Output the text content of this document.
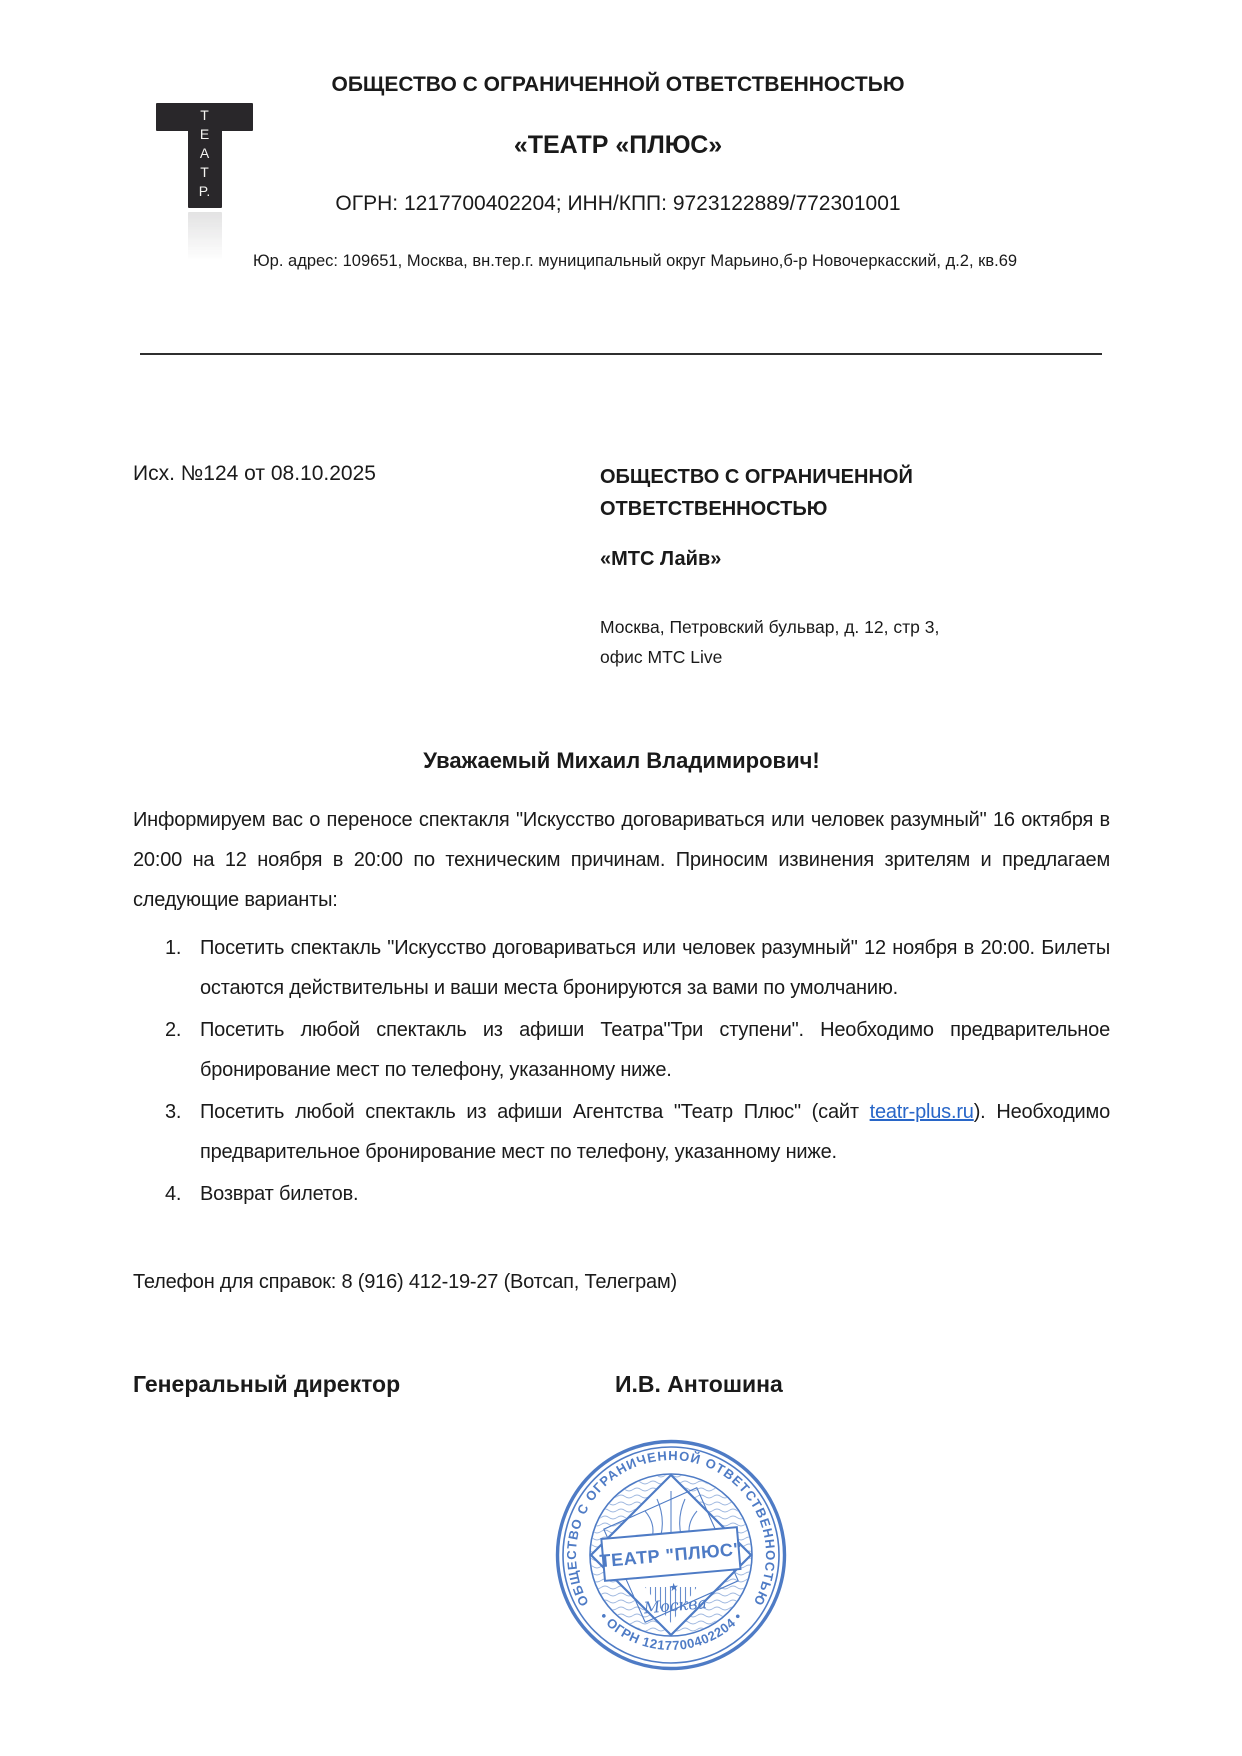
Т
Е
А
Т
Р.
ОБЩЕСТВО С ОГРАНИЧЕННОЙ ОТВЕТСТВЕННОСТЬЮ
«ТЕАТР «ПЛЮС»
ОГРН: 1217700402204; ИНН/КПП: 9723122889/772301001
Юр. адрес: 109651, Москва, вн.тер.г. муниципальный округ Марьино,б-р Новочеркасский, д.2, кв.69
Исх. №124 от 08.10.2025	ОБЩЕСТВО С ОГРАНИЧЕННОЙ
ОТВЕТСТВЕННОСТЬЮ
«МТС Лайв»
Москва, Петровский бульвар, д. 12, стр 3,
офис МТС Live
Уважаемый Михаил Владимирович!

Информируем вас о переносе спектакля "Искусство договариваться или человек разумный" 16 октября в 20:00 на 12 ноября в 20:00 по техническим причинам. Приносим извинения зрителям и предлагаем следующие варианты:

1. Посетить спектакль "Искусство договариваться или человек разумный" 12 ноября в 20:00. Билеты остаются действительны и ваши места бронируются за вами по умолчанию.
2. Посетить любой спектакль из афиши Театра"Три ступени". Необходимо предварительное бронирование мест по телефону, указанному ниже.
3. Посетить любой спектакль из афиши Агентства "Театр Плюс" (сайт teatr-plus.ru). Необходимо предварительное бронирование мест по телефону, указанному ниже.
4. Возврат билетов.

Телефон для справок: 8 (916) 412-19-27 (Вотсап, Телеграм)

Генеральный директор	И.В. Антошина
ОБЩЕСТВО С ОГРАНИЧЕННОЙ ОТВЕТСТВЕННОСТЬЮ
• ОГРН 1217700402204 •
ТЕАТР "ПЛЮС"
★
Москва
